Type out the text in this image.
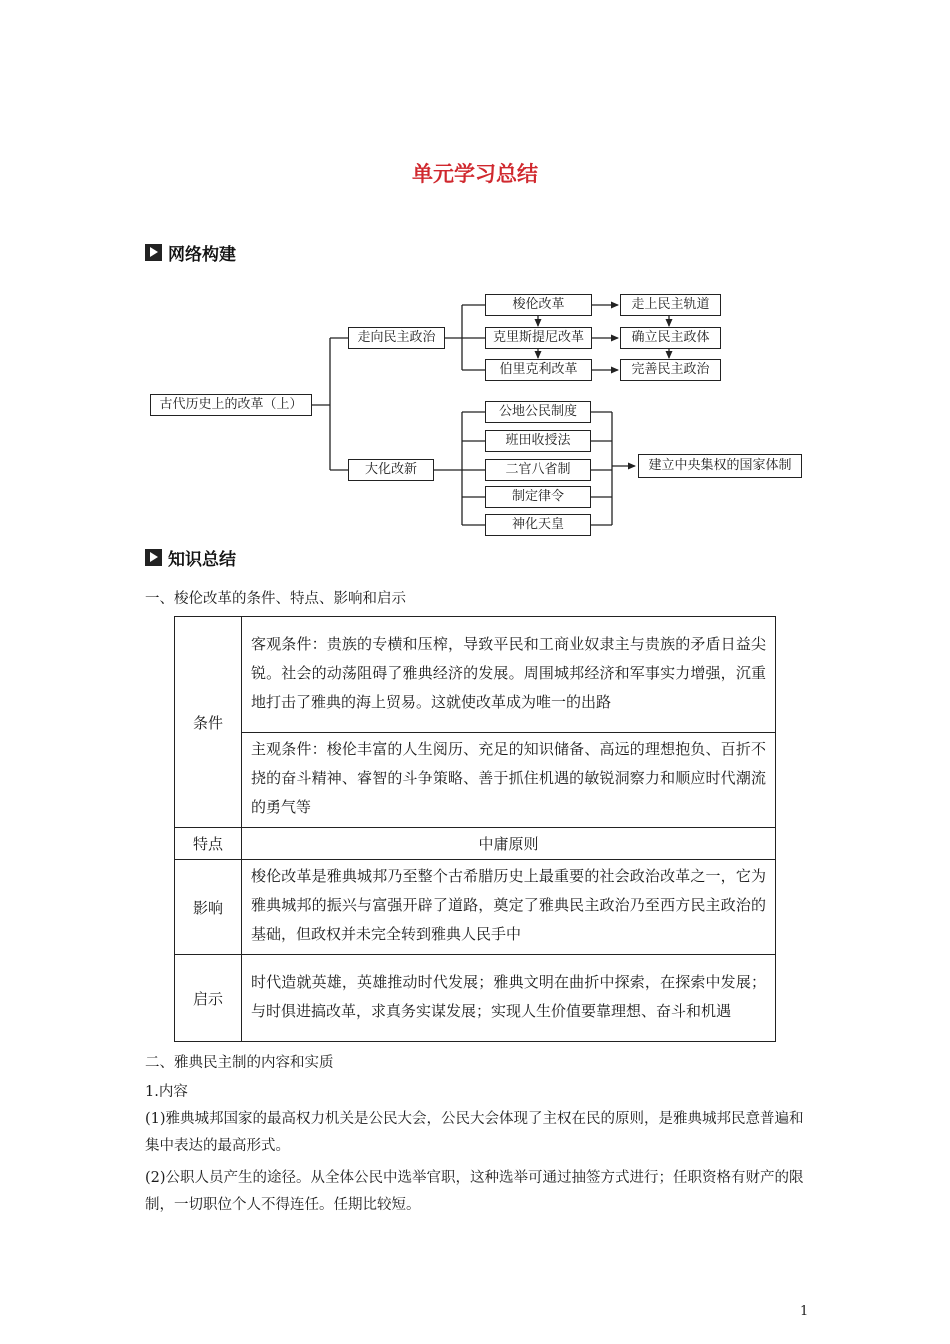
单元学习总结
网络构建
古代历史上的改革（上）
走向民主政治
大化改新
梭伦改革
克里斯提尼改革
伯里克利改革
走上民主轨道
确立民主政体
完善民主政治
公地公民制度
班田收授法
二官八省制
制定律令
神化天皇
建立中央集权的国家体制
知识总结
一、梭伦改革的条件、特点、影响和启示
条件	客观条件：贵族的专横和压榨，导致平民和工商业奴隶主与贵族的矛盾日益尖锐。社会的动荡阻碍了雅典经济的发展。周围城邦经济和军事实力增强，沉重地打击了雅典的海上贸易。这就使改革成为唯一的出路
	主观条件：梭伦丰富的人生阅历、充足的知识储备、高远的理想抱负、百折不挠的奋斗精神、睿智的斗争策略、善于抓住机遇的敏锐洞察力和顺应时代潮流的勇气等
特点	中庸原则
影响	梭伦改革是雅典城邦乃至整个古希腊历史上最重要的社会政治改革之一，它为雅典城邦的振兴与富强开辟了道路，奠定了雅典民主政治乃至西方民主政治的基础，但政权并未完全转到雅典人民手中
启示	时代造就英雄，英雄推动时代发展；雅典文明在曲折中探索，在探索中发展；与时俱进搞改革，求真务实谋发展；实现人生价值要靠理想、奋斗和机遇
二、雅典民主制的内容和实质
1.内容
(1)雅典城邦国家的最高权力机关是公民大会，公民大会体现了主权在民的原则，是雅典城邦民意普遍和集中表达的最高形式。
(2)公职人员产生的途径。从全体公民中选举官职，这种选举可通过抽签方式进行；任职资格有财产的限制，一切职位个人不得连任。任期比较短。
1
